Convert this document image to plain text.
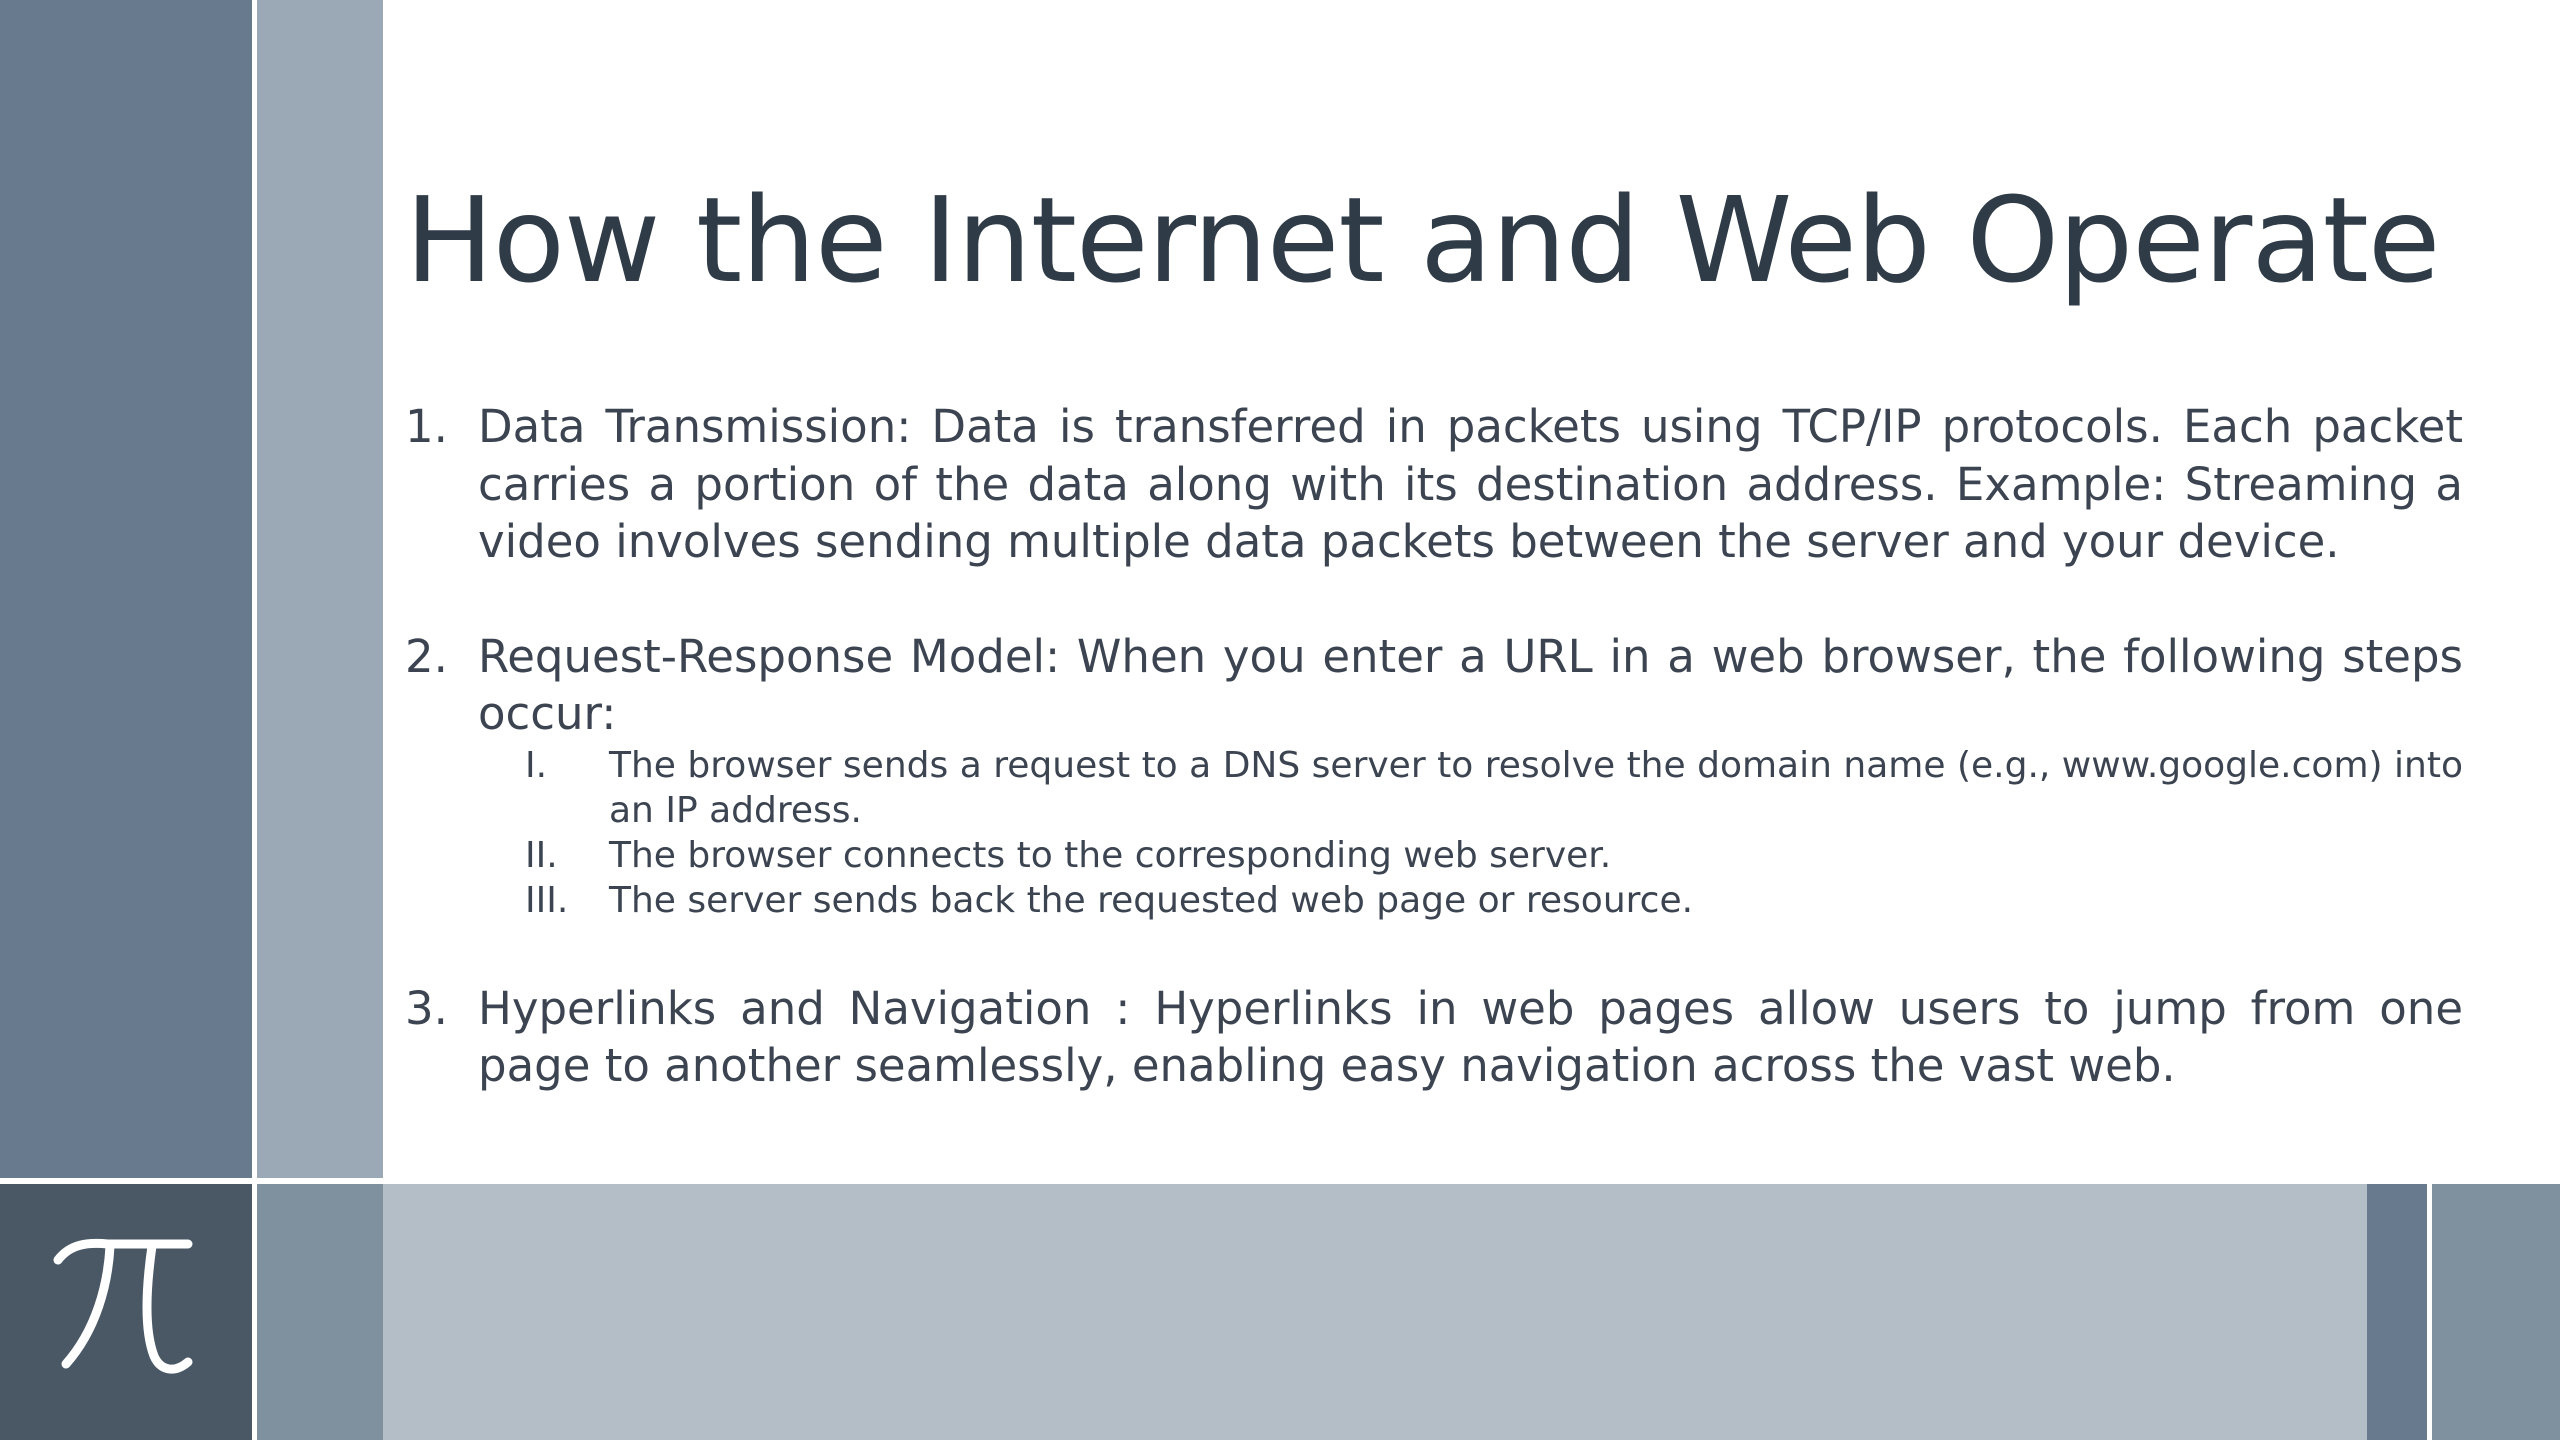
How the Internet and Web Operate
1. Data Transmission: Data is transferred in packets using TCP/IP protocols. Each packet carries a portion of the data along with its destination address. Example: Streaming a video involves sending multiple data packets between the server and your device.
2. Request-Response Model: When you enter a URL in a web browser, the following steps occur:
I. The browser sends a request to a DNS server to resolve the domain name (e.g., www.google.com) into an IP address.
II. The browser connects to the corresponding web server.
III. The server sends back the requested web page or resource.
3. Hyperlinks and Navigation : Hyperlinks in web pages allow users to jump from one page to another seamlessly, enabling easy navigation across the vast web.
